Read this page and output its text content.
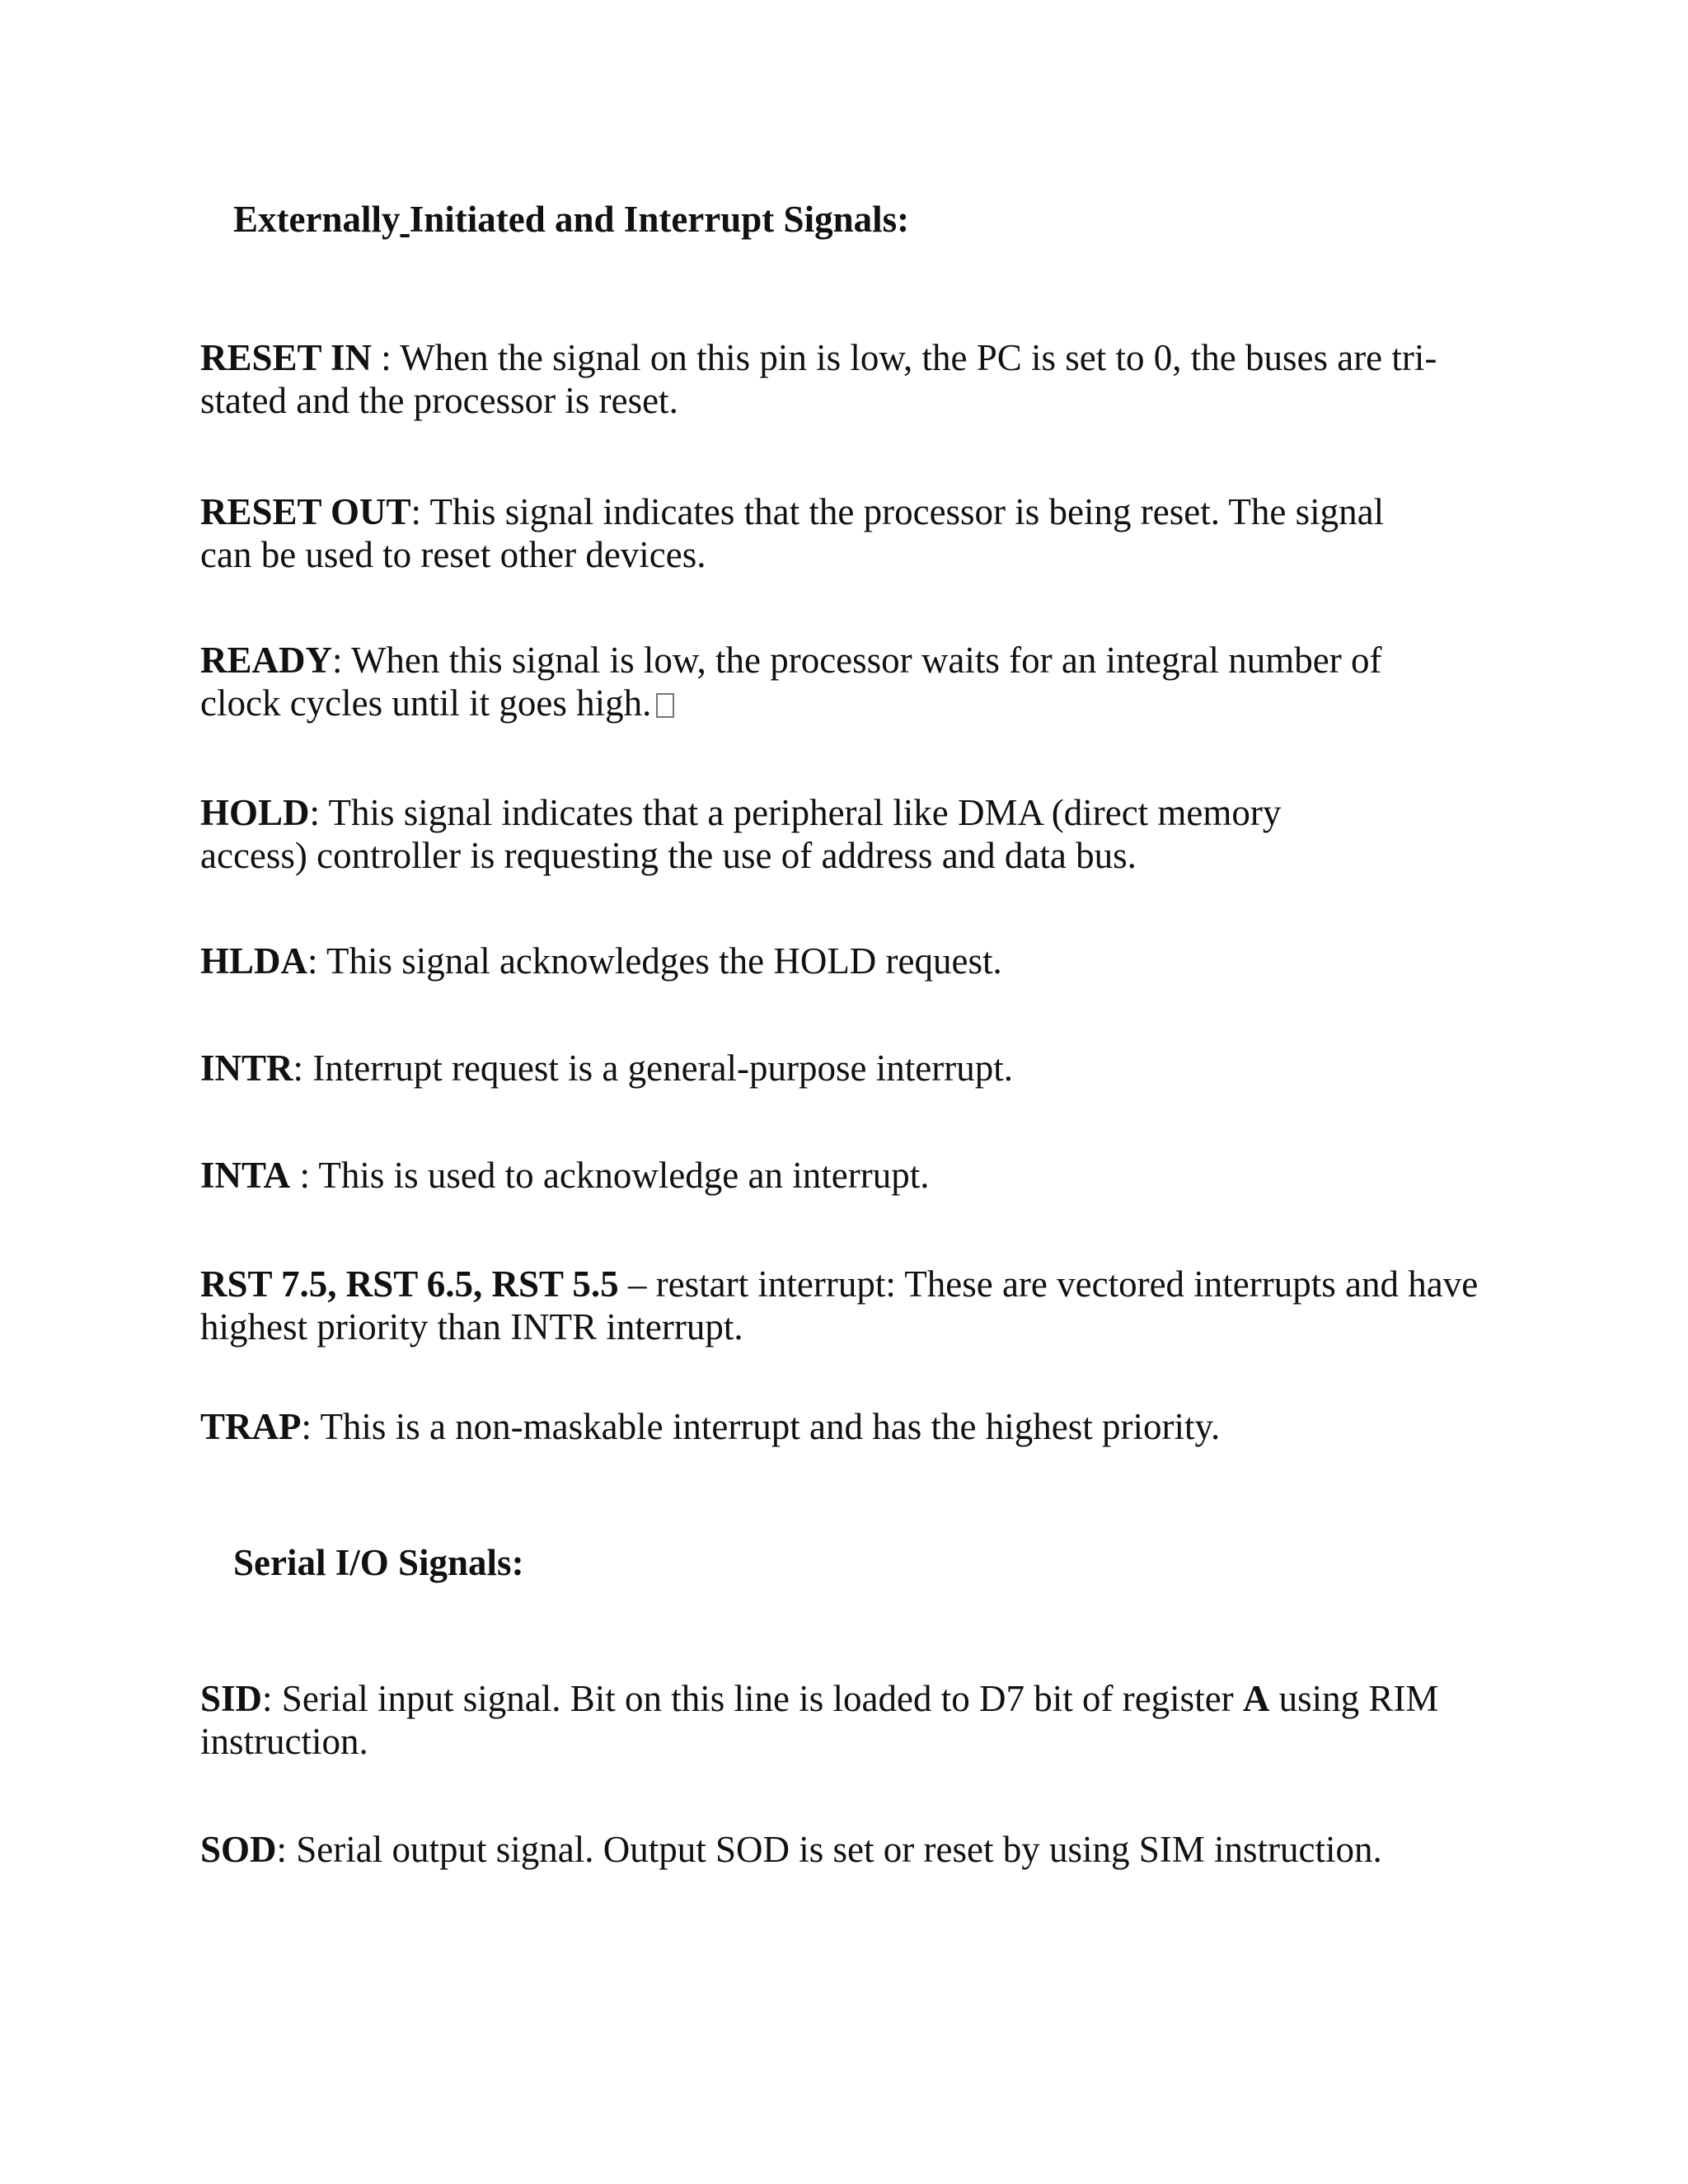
Externally Initiated and Interrupt Signals:

RESET IN : When the signal on this pin is low, the PC is set to 0, the buses are tri-stated and the processor is reset.

RESET OUT: This signal indicates that the processor is being reset. The signal can be used to reset other devices.

READY: When this signal is low, the processor waits for an integral number of clock cycles until it goes high.

HOLD: This signal indicates that a peripheral like DMA (direct memory access) controller is requesting the use of address and data bus.

HLDA: This signal acknowledges the HOLD request.

INTR: Interrupt request is a general-purpose interrupt.

INTA : This is used to acknowledge an interrupt.

RST 7.5, RST 6.5, RST 5.5 – restart interrupt: These are vectored interrupts and have highest priority than INTR interrupt.

TRAP: This is a non-maskable interrupt and has the highest priority.

Serial I/O Signals:

SID: Serial input signal. Bit on this line is loaded to D7 bit of register A using RIM instruction.

SOD: Serial output signal. Output SOD is set or reset by using SIM instruction.
